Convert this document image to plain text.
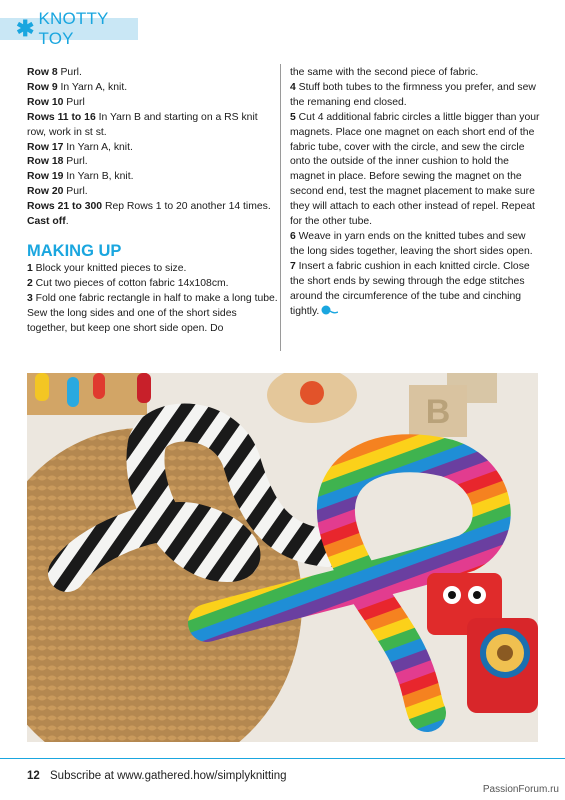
✱ KNOTTY TOY
Row 8 Purl.
Row 9 In Yarn A, knit.
Row 10 Purl
Rows 11 to 16 In Yarn B and starting on a RS knit row, work in st st.
Row 17 In Yarn A, knit.
Row 18 Purl.
Row 19 In Yarn B, knit.
Row 20 Purl.
Rows 21 to 300 Rep Rows 1 to 20 another 14 times.
Cast off.
MAKING UP
1 Block your knitted pieces to size.
2 Cut two pieces of cotton fabric 14x108cm.
3 Fold one fabric rectangle in half to make a long tube. Sew the long sides and one of the short sides together, but keep one short side open. Do
the same with the second piece of fabric.
4 Stuff both tubes to the firmness you prefer, and sew the remaning end closed.
5 Cut 4 additional fabric circles a little bigger than your magnets. Place one magnet on each short end of the fabric tube, cover with the circle, and sew the circle onto the outside of the inner cushion to hold the magnet in place. Before sewing the magnet on the second end, test the magnet placement to make sure they will attach to each other instead of repel. Repeat for the other tube.
6 Weave in yarn ends on the knitted tubes and sew the long sides together, leaving the short sides open.
7 Insert a fabric cushion in each knitted circle. Close the short ends by sewing through the edge stitches around the circumference of the tube and cinching tightly.
B
12 Subscribe at www.gathered.how/simplyknitting
PassionForum.ru
